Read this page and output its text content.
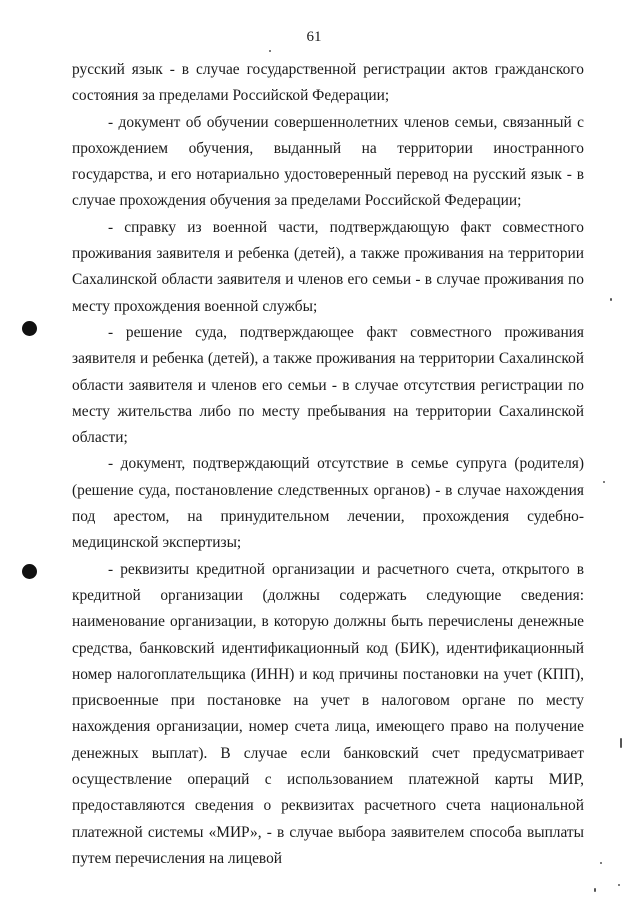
61

русский язык - в случае государственной регистрации актов гражданского состояния за пределами Российской Федерации;

- документ об обучении совершеннолетних членов семьи, связанный с прохождением обучения, выданный на территории иностранного государства, и его нотариально удостоверенный перевод на русский язык - в случае прохождения обучения за пределами Российской Федерации;

- справку из военной части, подтверждающую факт совместного проживания заявителя и ребенка (детей), а также проживания на территории Сахалинской области заявителя и членов его семьи - в случае проживания по месту прохождения военной службы;

- решение суда, подтверждающее факт совместного проживания заявителя и ребенка (детей), а также проживания на территории Сахалинской области заявителя и членов его семьи - в случае отсутствия регистрации по месту жительства либо по месту пребывания на территории Сахалинской области;

- документ, подтверждающий отсутствие в семье супруга (родителя) (решение суда, постановление следственных органов) - в случае нахождения под арестом, на принудительном лечении, прохождения судебно-медицинской экспертизы;

- реквизиты кредитной организации и расчетного счета, открытого в кредитной организации (должны содержать следующие сведения: наименование организации, в которую должны быть перечислены денежные средства, банковский идентификационный код (БИК), идентификационный номер налогоплательщика (ИНН) и код причины постановки на учет (КПП), присвоенные при постановке на учет в налоговом органе по месту нахождения организации, номер счета лица, имеющего право на получение денежных выплат). В случае если банковский счет предусматривает осуществление операций с использованием платежной карты МИР, предоставляются сведения о реквизитах расчетного счета национальной платежной системы «МИР», - в случае выбора заявителем способа выплаты путем перечисления на лицевой
